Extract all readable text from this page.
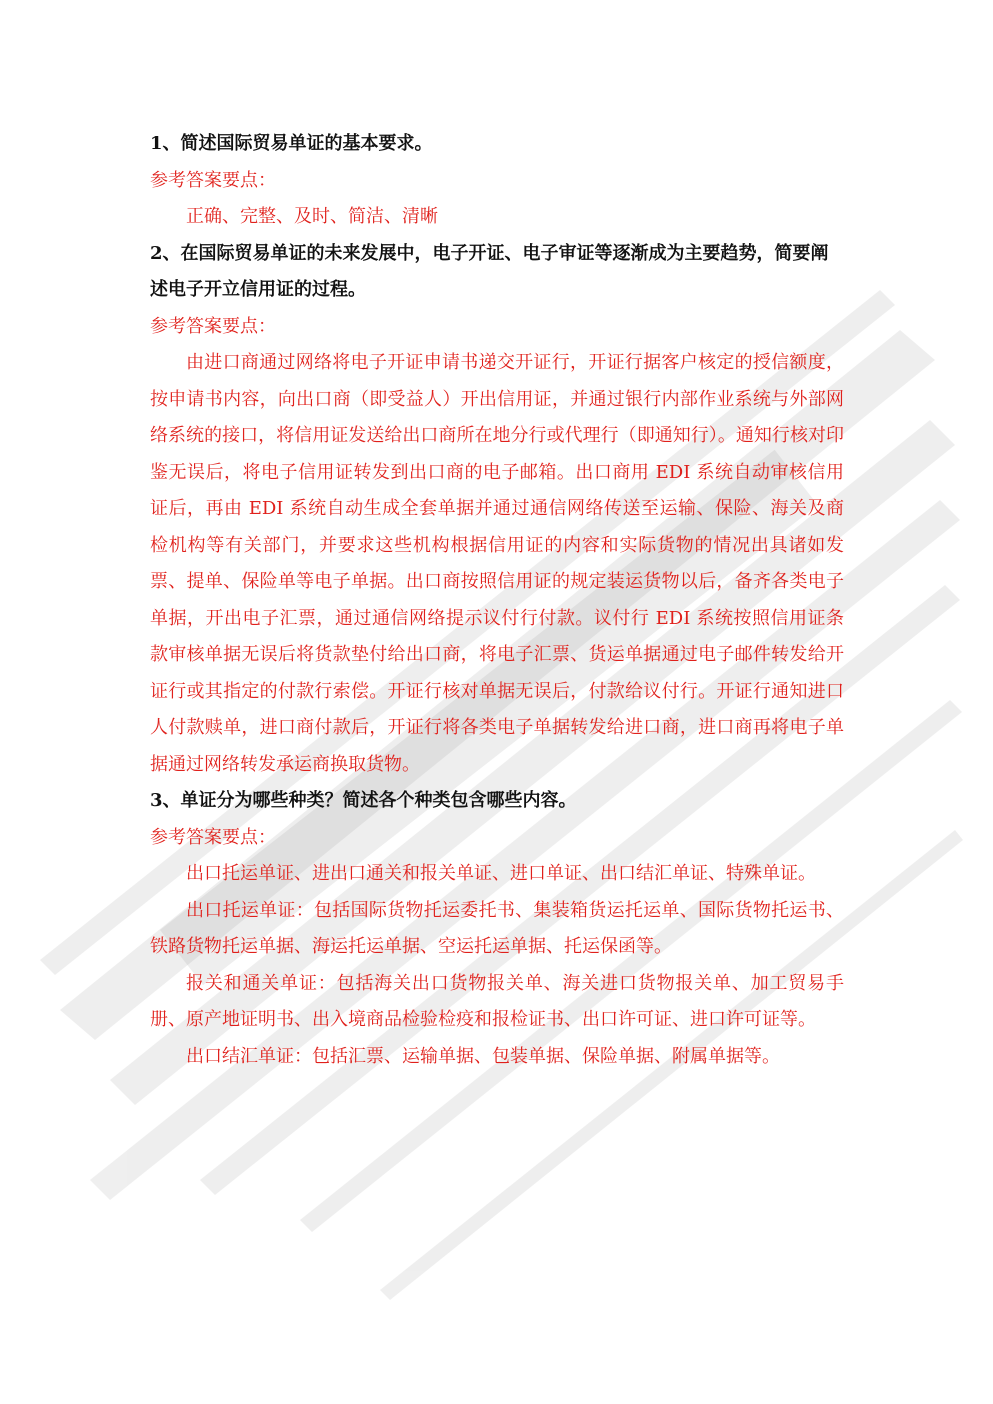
1、简述国际贸易单证的基本要求。

参考答案要点：

正确、完整、及时、简洁、清晰

2、在国际贸易单证的未来发展中，电子开证、电子审证等逐渐成为主要趋势，简要阐述电子开立信用证的过程。

参考答案要点：

由进口商通过网络将电子开证申请书递交开证行，开证行据客户核定的授信额度，按申请书内容，向出口商（即受益人）开出信用证，并通过银行内部作业系统与外部网络系统的接口，将信用证发送给出口商所在地分行或代理行（即通知行）。通知行核对印鉴无误后，将电子信用证转发到出口商的电子邮箱。出口商用 EDI 系统自动审核信用证后，再由 EDI 系统自动生成全套单据并通过通信网络传送至运输、保险、海关及商检机构等有关部门，并要求这些机构根据信用证的内容和实际货物的情况出具诸如发票、提单、保险单等电子单据。出口商按照信用证的规定装运货物以后，备齐各类电子单据，开出电子汇票，通过通信网络提示议付行付款。议付行 EDI 系统按照信用证条款审核单据无误后将货款垫付给出口商，将电子汇票、货运单据通过电子邮件转发给开证行或其指定的付款行索偿。开证行核对单据无误后，付款给议付行。开证行通知进口人付款赎单，进口商付款后，开证行将各类电子单据转发给进口商，进口商再将电子单据通过网络转发承运商换取货物。

3、单证分为哪些种类？简述各个种类包含哪些内容。

参考答案要点：

出口托运单证、进出口通关和报关单证、进口单证、出口结汇单证、特殊单证。

出口托运单证：包括国际货物托运委托书、集装箱货运托运单、国际货物托运书、铁路货物托运单据、海运托运单据、空运托运单据、托运保函等。

报关和通关单证：包括海关出口货物报关单、海关进口货物报关单、加工贸易手册、原产地证明书、出入境商品检验检疫和报检证书、出口许可证、进口许可证等。

出口结汇单证：包括汇票、运输单据、包装单据、保险单据、附属单据等。
